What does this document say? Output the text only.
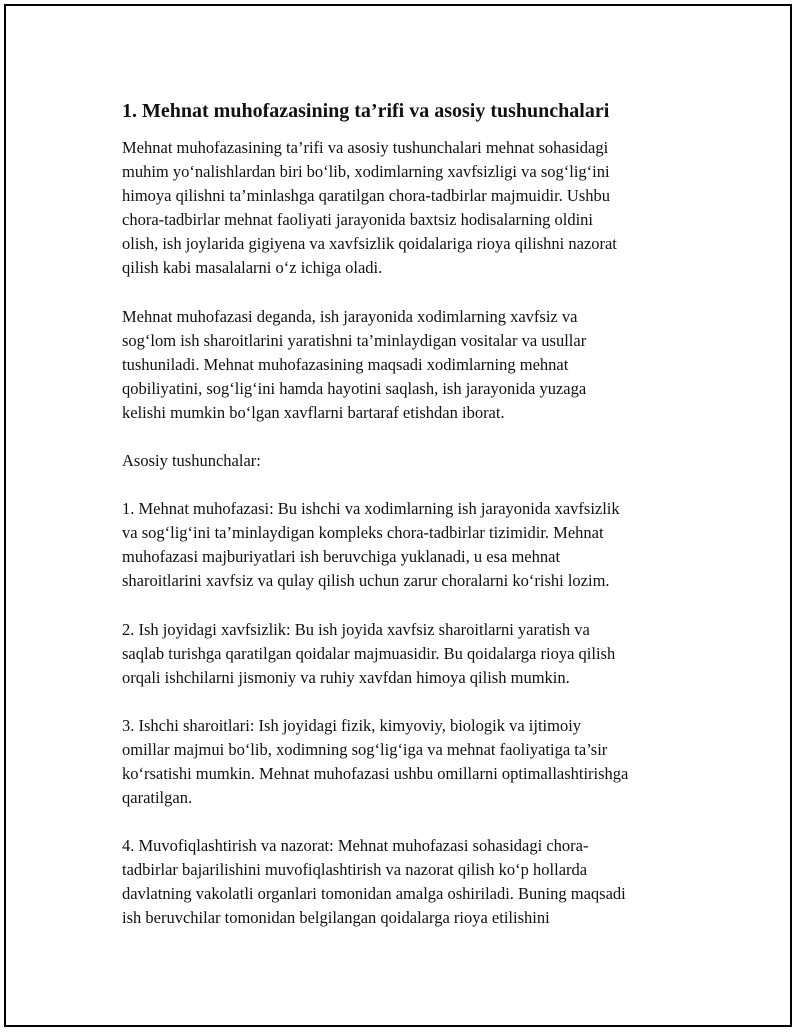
1. Mehnat muhofazasining ta’rifi va asosiy tushunchalari

Mehnat muhofazasining ta’rifi va asosiy tushunchalari mehnat sohasidagi

muhim yo‘nalishlardan biri bo‘lib, xodimlarning xavfsizligi va sog‘lig‘ini

himoya qilishni ta’minlashga qaratilgan chora-tadbirlar majmuidir. Ushbu

chora-tadbirlar mehnat faoliyati jarayonida baxtsiz hodisalarning oldini

olish, ish joylarida gigiyena va xavfsizlik qoidalariga rioya qilishni nazorat

qilish kabi masalalarni o‘z ichiga oladi.

Mehnat muhofazasi deganda, ish jarayonida xodimlarning xavfsiz va

sog‘lom ish sharoitlarini yaratishni ta’minlaydigan vositalar va usullar

tushuniladi. Mehnat muhofazasining maqsadi xodimlarning mehnat

qobiliyatini, sog‘lig‘ini hamda hayotini saqlash, ish jarayonida yuzaga

kelishi mumkin bo‘lgan xavflarni bartaraf etishdan iborat.

Asosiy tushunchalar:

1. Mehnat muhofazasi: Bu ishchi va xodimlarning ish jarayonida xavfsizlik

va sog‘lig‘ini ta’minlaydigan kompleks chora-tadbirlar tizimidir. Mehnat

muhofazasi majburiyatlari ish beruvchiga yuklanadi, u esa mehnat

sharoitlarini xavfsiz va qulay qilish uchun zarur choralarni ko‘rishi lozim.

2. Ish joyidagi xavfsizlik: Bu ish joyida xavfsiz sharoitlarni yaratish va

saqlab turishga qaratilgan qoidalar majmuasidir. Bu qoidalarga rioya qilish

orqali ishchilarni jismoniy va ruhiy xavfdan himoya qilish mumkin.

3. Ishchi sharoitlari: Ish joyidagi fizik, kimyoviy, biologik va ijtimoiy

omillar majmui bo‘lib, xodimning sog‘lig‘iga va mehnat faoliyatiga ta’sir

ko‘rsatishi mumkin. Mehnat muhofazasi ushbu omillarni optimallashtirishga

qaratilgan.

4. Muvofiqlashtirish va nazorat: Mehnat muhofazasi sohasidagi chora-

tadbirlar bajarilishini muvofiqlashtirish va nazorat qilish ko‘p hollarda

davlatning vakolatli organlari tomonidan amalga oshiriladi. Buning maqsadi

ish beruvchilar tomonidan belgilangan qoidalarga rioya etilishini
